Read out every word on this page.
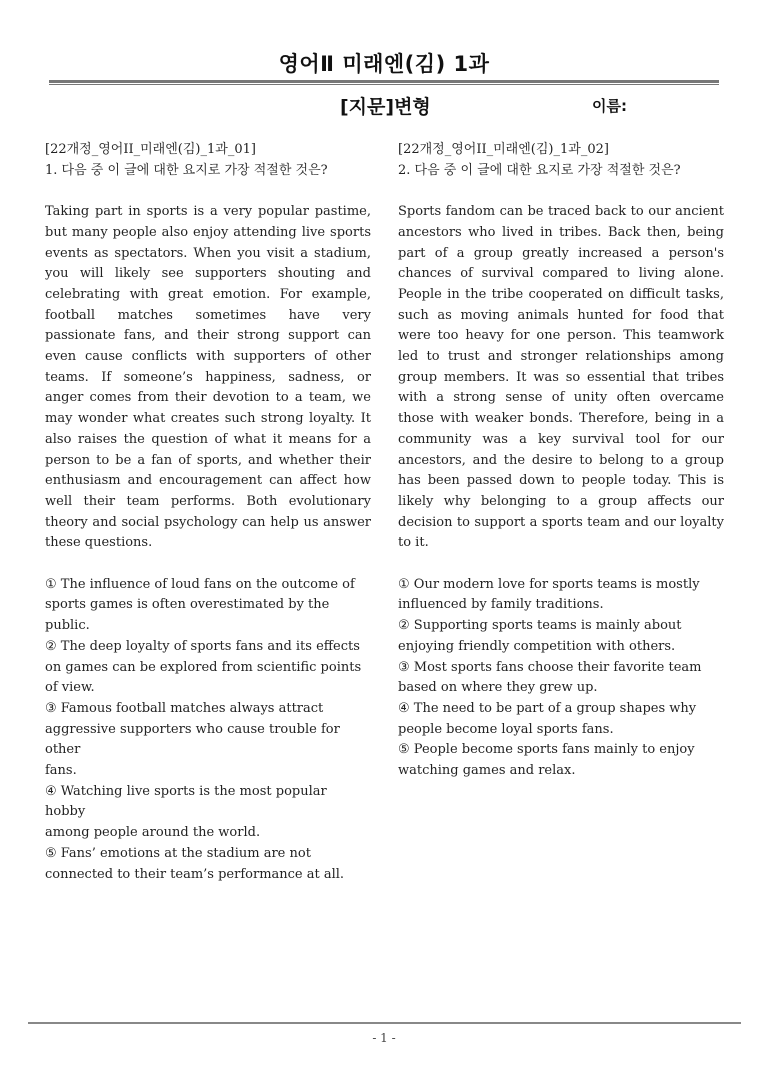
영어Ⅱ 미래엔(김) 1과
[지문]변형	이름:
[22개정_영어II_미래엔(김)_1과_01]
1. 다음 중 이 글에 대한 요지로 가장 적절한 것은?
Taking part in sports is a very popular pastime, but many people also enjoy attending live sports events as spectators. When you visit a stadium, you will likely see supporters shouting and celebrating with great emotion. For example, football matches sometimes have very passionate fans, and their strong support can even cause conflicts with supporters of other teams. If someone’s happiness, sadness, or anger comes from their devotion to a team, we may wonder what creates such strong loyalty. It also raises the question of what it means for a person to be a fan of sports, and whether their enthusiasm and encouragement can affect how well their team performs. Both evolutionary theory and social psychology can help us answer these questions.
① The influence of loud fans on the outcome of
sports games is often overestimated by the public.
② The deep loyalty of sports fans and its effects
on games can be explored from scientific points
of view.
③ Famous football matches always attract
aggressive supporters who cause trouble for other
fans.
④ Watching live sports is the most popular hobby
among people around the world.
⑤ Fans’ emotions at the stadium are not
connected to their team’s performance at all.
[22개정_영어II_미래엔(김)_1과_02]
2. 다음 중 이 글에 대한 요지로 가장 적절한 것은?
Sports fandom can be traced back to our ancient ancestors who lived in tribes. Back then, being part of a group greatly increased a person's chances of survival compared to living alone. People in the tribe cooperated on difficult tasks, such as moving animals hunted for food that were too heavy for one person. This teamwork led to trust and stronger relationships among group members. It was so essential that tribes with a strong sense of unity often overcame those with weaker bonds. Therefore, being in a community was a key survival tool for our ancestors, and the desire to belong to a group has been passed down to people today. This is likely why belonging to a group affects our decision to support a sports team and our loyalty to it.
① Our modern love for sports teams is mostly
influenced by family traditions.
② Supporting sports teams is mainly about
enjoying friendly competition with others.
③ Most sports fans choose their favorite team
based on where they grew up.
④ The need to be part of a group shapes why
people become loyal sports fans.
⑤ People become sports fans mainly to enjoy
watching games and relax.
- 1 -
